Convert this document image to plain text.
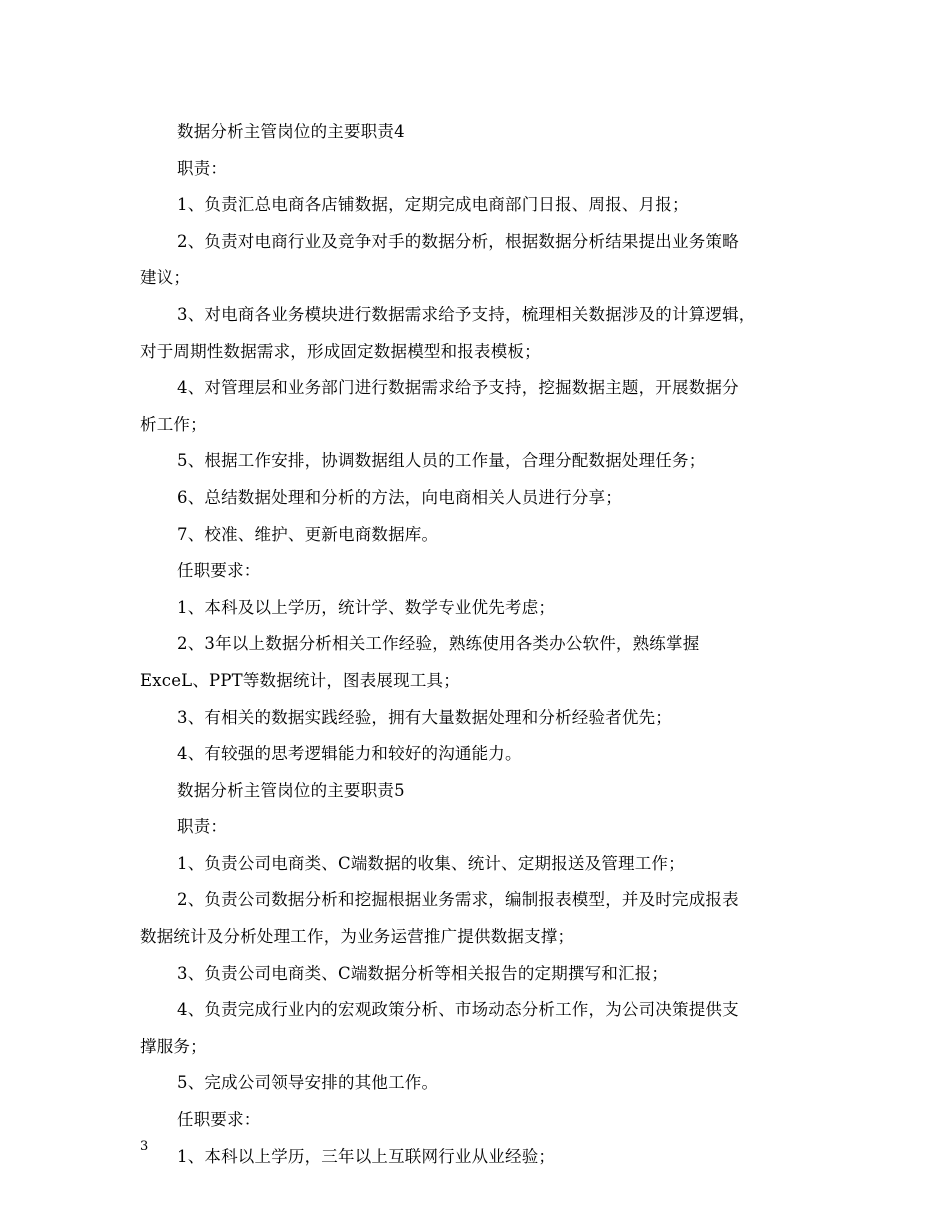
数据分析主管岗位的主要职责4
职责：
1、负责汇总电商各店铺数据，定期完成电商部门日报、周报、月报；
2、负责对电商行业及竞争对手的数据分析，根据数据分析结果提出业务策略
建议；
3、对电商各业务模块进行数据需求给予支持，梳理相关数据涉及的计算逻辑，
对于周期性数据需求，形成固定数据模型和报表模板；
4、对管理层和业务部门进行数据需求给予支持，挖掘数据主题，开展数据分
析工作；
5、根据工作安排，协调数据组人员的工作量，合理分配数据处理任务；
6、总结数据处理和分析的方法，向电商相关人员进行分享；
7、校准、维护、更新电商数据库。
任职要求：
1、本科及以上学历，统计学、数学专业优先考虑；
2、3年以上数据分析相关工作经验，熟练使用各类办公软件，熟练掌握
ExceL、PPT等数据统计，图表展现工具；
3、有相关的数据实践经验，拥有大量数据处理和分析经验者优先；
4、有较强的思考逻辑能力和较好的沟通能力。
数据分析主管岗位的主要职责5
职责：
1、负责公司电商类、C端数据的收集、统计、定期报送及管理工作；
2、负责公司数据分析和挖掘根据业务需求，编制报表模型，并及时完成报表
数据统计及分析处理工作，为业务运营推广提供数据支撑；
3、负责公司电商类、C端数据分析等相关报告的定期撰写和汇报；
4、负责完成行业内的宏观政策分析、市场动态分析工作，为公司决策提供支
撑服务；
5、完成公司领导安排的其他工作。
任职要求：
1、本科以上学历，三年以上互联网行业从业经验；
3
